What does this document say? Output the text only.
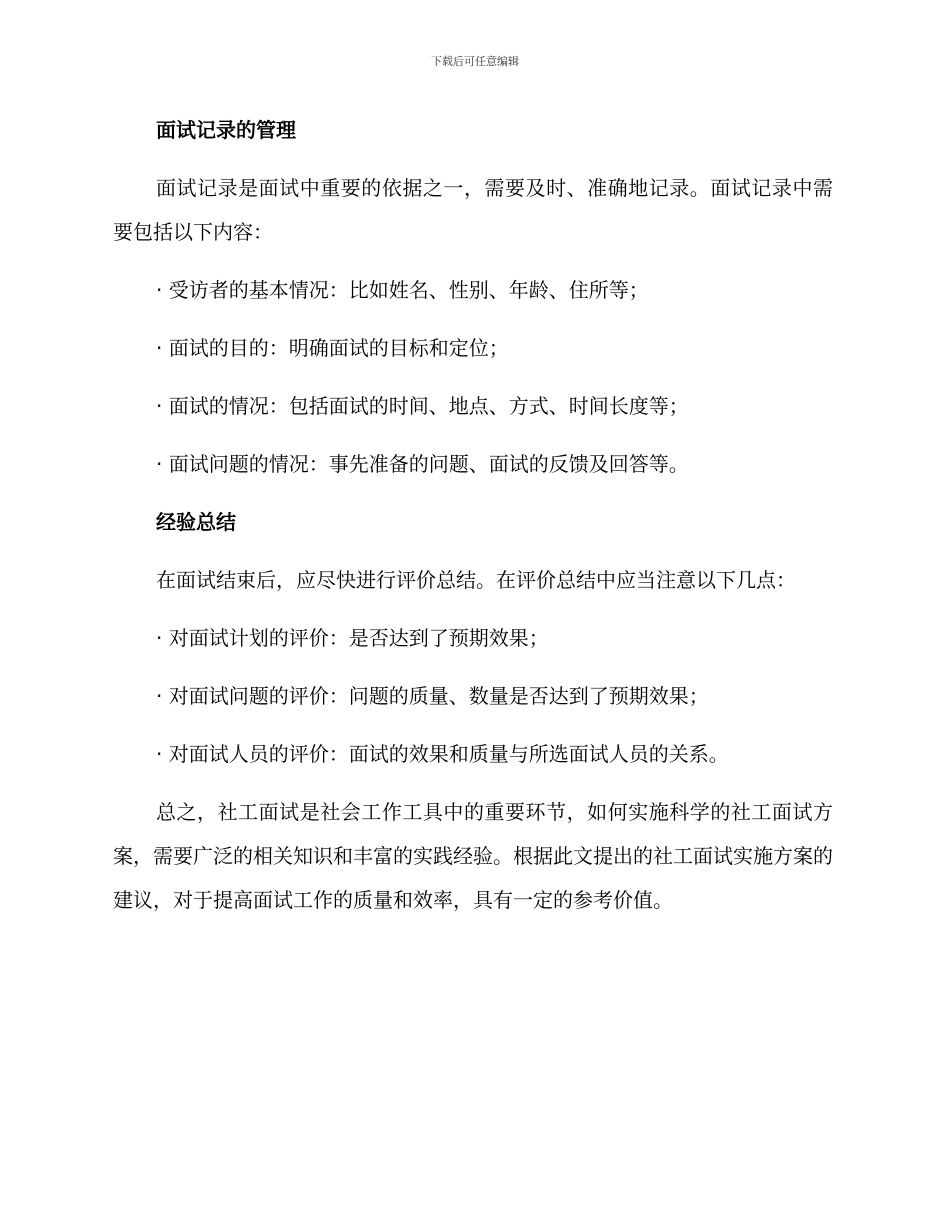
下载后可任意编辑

面试记录的管理

面试记录是面试中重要的依据之一，需要及时、准确地记录。面试记录中需要包括以下内容：

· 受访者的基本情况：比如姓名、性别、年龄、住所等；

· 面试的目的：明确面试的目标和定位；

· 面试的情况：包括面试的时间、地点、方式、时间长度等；

· 面试问题的情况：事先准备的问题、面试的反馈及回答等。

经验总结

在面试结束后，应尽快进行评价总结。在评价总结中应当注意以下几点：

· 对面试计划的评价：是否达到了预期效果；

· 对面试问题的评价：问题的质量、数量是否达到了预期效果；

· 对面试人员的评价：面试的效果和质量与所选面试人员的关系。

总之，社工面试是社会工作工具中的重要环节，如何实施科学的社工面试方案，需要广泛的相关知识和丰富的实践经验。根据此文提出的社工面试实施方案的建议，对于提高面试工作的质量和效率，具有一定的参考价值。
